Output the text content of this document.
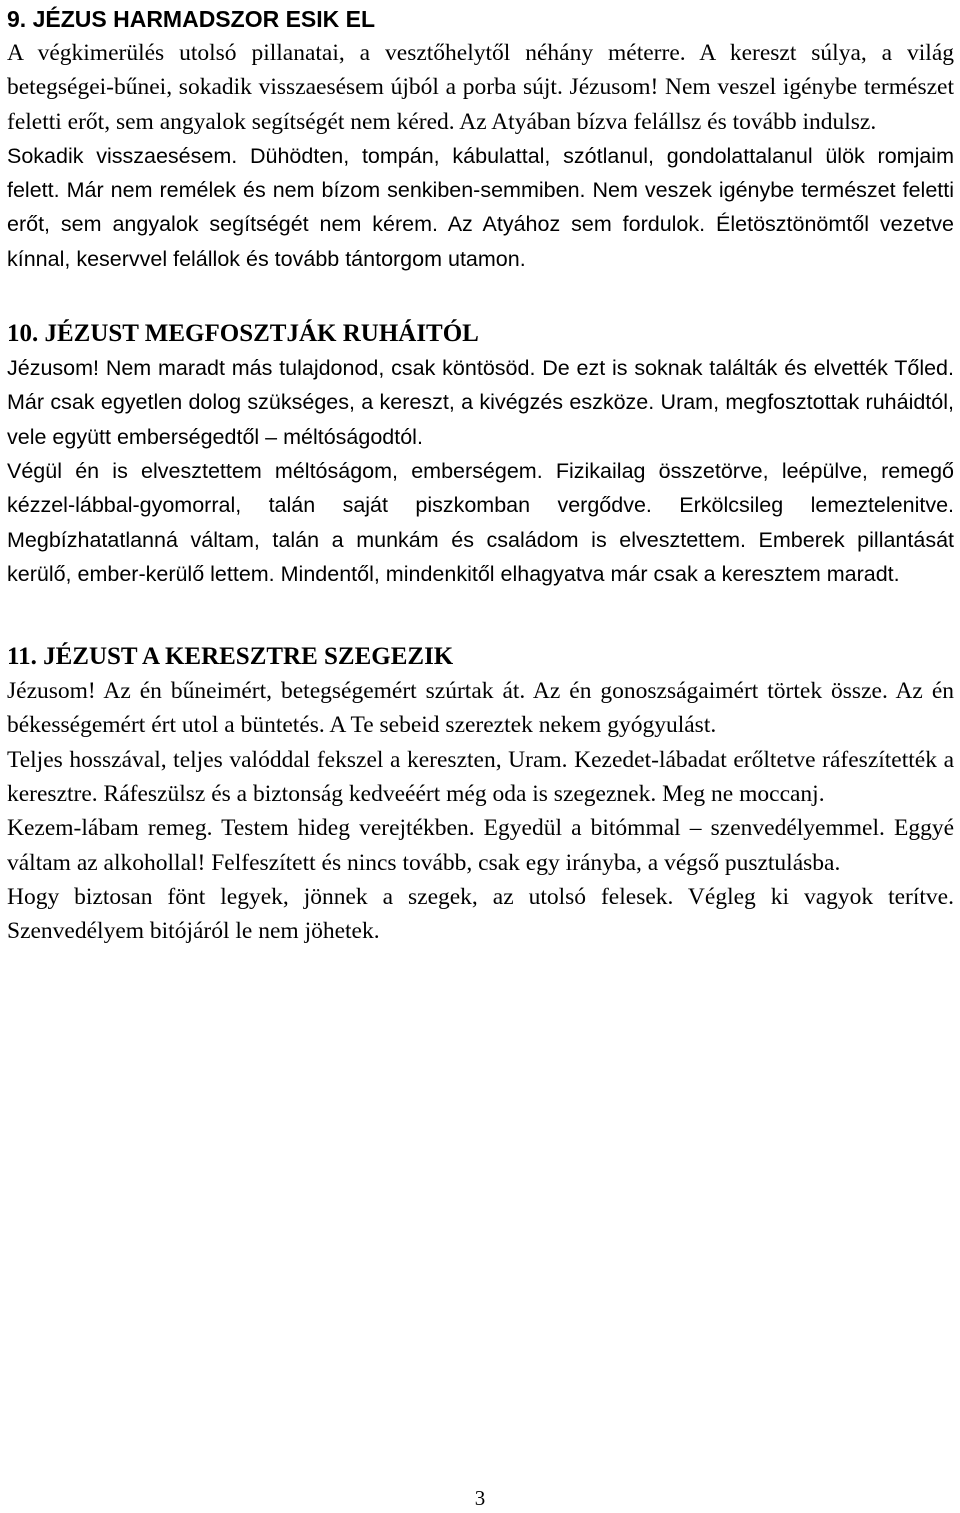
9. JÉZUS HARMADSZOR ESIK EL

A végkimerülés utolsó pillanatai, a vesztőhelytől néhány méterre. A kereszt súlya, a világ betegségei-bűnei, sokadik visszaesésem újból a porba sújt. Jézusom! Nem veszel igénybe természet feletti erőt, sem angyalok segítségét nem kéred. Az Atyában bízva felállsz és tovább indulsz.

Sokadik visszaesésem. Dühödten, tompán, kábulattal, szótlanul, gondolattalanul ülök romjaim felett. Már nem remélek és nem bízom senkiben-semmiben. Nem veszek igénybe természet feletti erőt, sem angyalok segítségét nem kérem. Az Atyához sem fordulok. Életösztönömtől vezetve kínnal, keservvel felállok és tovább tántorgom utamon.

10. JÉZUST MEGFOSZTJÁK RUHÁITÓL

Jézusom! Nem maradt más tulajdonod, csak köntösöd. De ezt is soknak találták és elvették Tőled. Már csak egyetlen dolog szükséges, a kereszt, a kivégzés eszköze. Uram, megfosztottak ruháidtól, vele együtt emberségedtől – méltóságodtól.

Végül én is elvesztettem méltóságom, emberségem. Fizikailag összetörve, leépülve, remegő kézzel-lábbal-gyomorral, talán saját piszkomban vergődve. Erkölcsileg lemeztelenitve. Megbízhatatlanná váltam, talán a munkám és családom is elvesztettem. Emberek pillantását kerülő, ember-kerülő lettem. Mindentől, mindenkitől elhagyatva már csak a keresztem maradt.

11. JÉZUST A KERESZTRE SZEGEZIK

Jézusom! Az én bűneimért, betegségemért szúrtak át. Az én gonoszságaimért törtek össze. Az én békességemért ért utol a büntetés. A Te sebeid szereztek nekem gyógyulást.

Teljes hosszával, teljes valóddal fekszel a kereszten, Uram. Kezedet-lábadat erőltetve ráfeszítették a keresztre. Ráfeszülsz és a biztonság kedveéért még oda is szegeznek. Meg ne moccanj.

Kezem-lábam remeg. Testem hideg verejtékben. Egyedül a bitómmal – szenvedélyemmel. Eggyé váltam az alkohollal! Felfeszített és nincs tovább, csak egy irányba, a végső pusztulásba.

Hogy biztosan fönt legyek, jönnek a szegek, az utolsó felesek. Végleg ki vagyok terítve. Szenvedélyem bitójáról le nem jöhetek.

3
